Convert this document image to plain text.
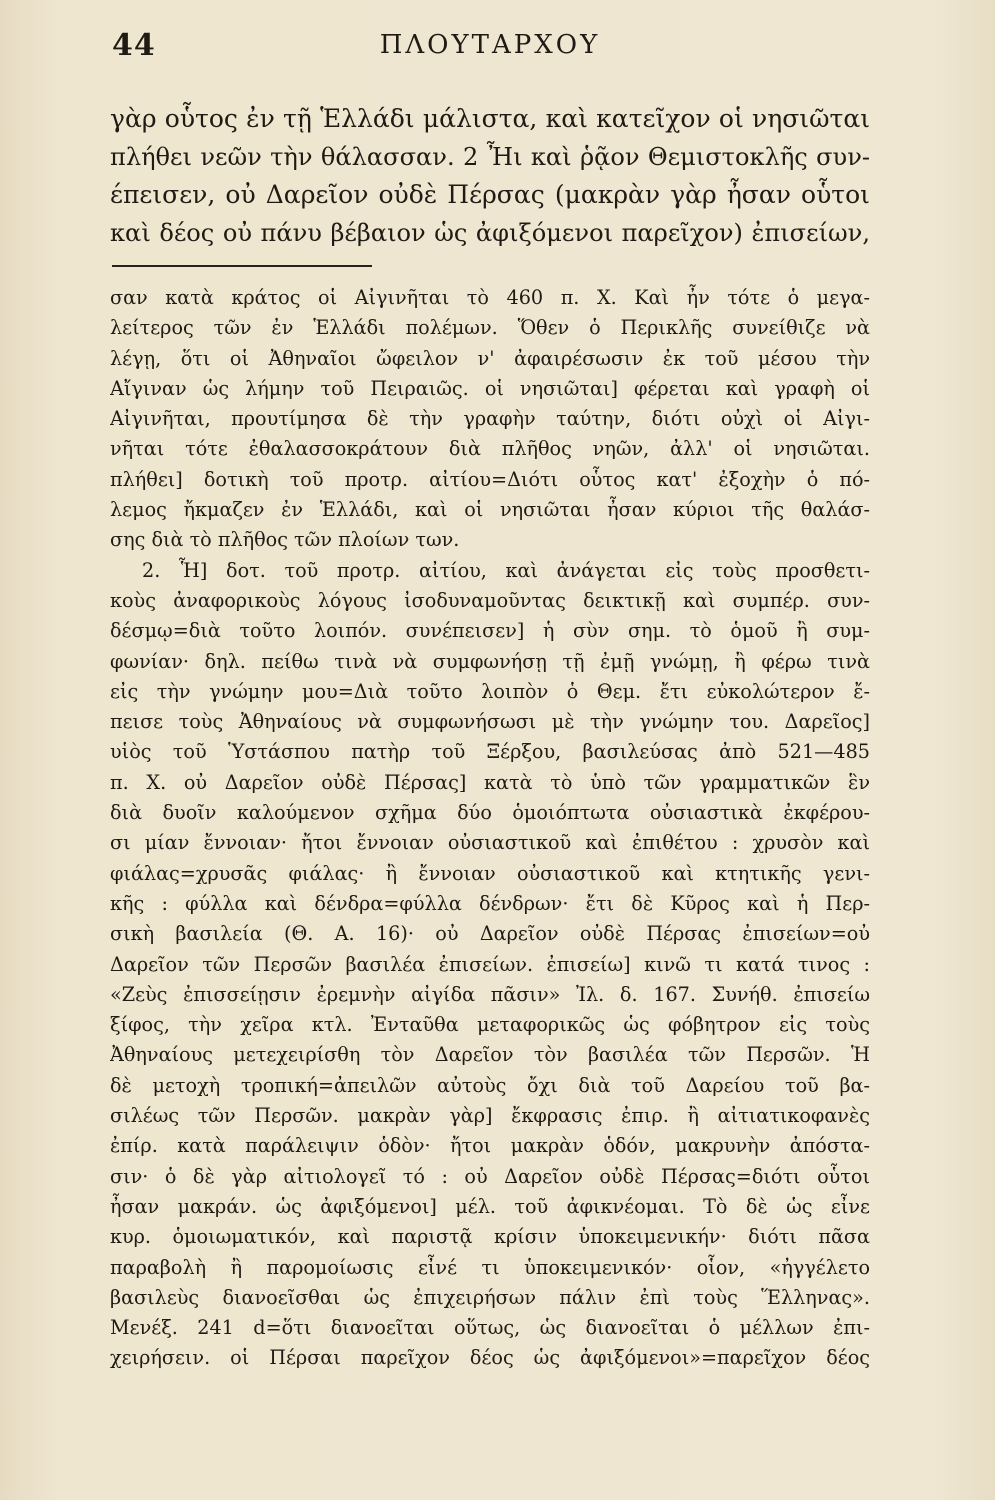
44	ΠΛΟΥΤΑΡΧΟΥ
γὰρ οὗτος ἐν τῇ Ἑλλάδι μάλιστα, καὶ κατεῖχον οἱ νησιῶται
πλήθει νεῶν τὴν θάλασσαν. 2 Ἦι καὶ ῥᾷον Θεμιστοκλῆς συν-
έπεισεν, οὐ Δαρεῖον οὐδὲ Πέρσας (μακρὰν γὰρ ἦσαν οὗτοι
καὶ δέος οὐ πάνυ βέβαιον ὡς ἀφιξόμενοι παρεῖχον) ἐπισείων,
σαν κατὰ κράτος οἱ Αἰγινῆται τὸ 460 π. Χ. Καὶ ἦν τότε ὁ μεγα-
λείτερος τῶν ἐν Ἑλλάδι πολέμων. Ὅθεν ὁ Περικλῆς συνείθιζε νὰ
λέγῃ, ὅτι οἱ Ἀθηναῖοι ὤφειλον ν' ἀφαιρέσωσιν ἐκ τοῦ μέσου τὴν
Αἴγιναν ὡς λήμην τοῦ Πειραιῶς. οἱ νησιῶται] φέρεται καὶ γραφὴ οἱ
Αἰγινῆται, προυτίμησα δὲ τὴν γραφὴν ταύτην, διότι οὐχὶ οἱ Αἰγι-
νῆται τότε ἐθαλασσοκράτουν διὰ πλῆθος νηῶν, ἀλλ' οἱ νησιῶται.
πλήθει] δοτικὴ τοῦ προτρ. αἰτίου=Διότι οὗτος κατ' ἐξοχὴν ὁ πό-
λεμος ἤκμαζεν ἐν Ἑλλάδι, καὶ οἱ νησιῶται ἦσαν κύριοι τῆς θαλάσ-
σης διὰ τὸ πλῆθος τῶν πλοίων των.
2. Ἧ] δοτ. τοῦ προτρ. αἰτίου, καὶ ἀνάγεται εἰς τοὺς προσθετι-
κοὺς ἀναφορικοὺς λόγους ἰσοδυναμοῦντας δεικτικῇ καὶ συμπέρ. συν-
δέσμῳ=διὰ τοῦτο λοιπόν. συνέπεισεν] ἡ σὺν σημ. τὸ ὁμοῦ ἢ συμ-
φωνίαν· δηλ. πείθω τινὰ νὰ συμφωνήσῃ τῇ ἐμῇ γνώμῃ, ἢ φέρω τινὰ
εἰς τὴν γνώμην μου=Διὰ τοῦτο λοιπὸν ὁ Θεμ. ἔτι εὐκολώτερον ἔ-
πεισε τοὺς Ἀθηναίους νὰ συμφωνήσωσι μὲ τὴν γνώμην του. Δαρεῖος]
υἱὸς τοῦ Ὑστάσπου πατὴρ τοῦ Ξέρξου, βασιλεύσας ἀπὸ 521—485
π. Χ. οὐ Δαρεῖον οὐδὲ Πέρσας] κατὰ τὸ ὑπὸ τῶν γραμματικῶν ἓν
διὰ δυοῖν καλούμενον σχῆμα δύο ὁμοιόπτωτα οὐσιαστικὰ ἐκφέρου-
σι μίαν ἔννοιαν· ἤτοι ἔννοιαν οὐσιαστικοῦ καὶ ἐπιθέτου : χρυσὸν καὶ
φιάλας=χρυσᾶς φιάλας· ἢ ἔννοιαν οὐσιαστικοῦ καὶ κτητικῆς γενι-
κῆς : φύλλα καὶ δένδρα=φύλλα δένδρων· ἔτι δὲ Κῦρος καὶ ἡ Περ-
σικὴ βασιλεία (Θ. Α. 16)· οὐ Δαρεῖον οὐδὲ Πέρσας ἐπισείων=οὐ
Δαρεῖον τῶν Περσῶν βασιλέα ἐπισείων. ἐπισείω] κινῶ τι κατά τινος :
«Ζεὺς ἐπισσείῃσιν ἐρεμνὴν αἰγίδα πᾶσιν» Ἰλ. δ. 167. Συνήθ. ἐπισείω
ξίφος, τὴν χεῖρα κτλ. Ἐνταῦθα μεταφορικῶς ὡς φόβητρον εἰς τοὺς
Ἀθηναίους μετεχειρίσθη τὸν Δαρεῖον τὸν βασιλέα τῶν Περσῶν. Ἡ
δὲ μετοχὴ τροπική=ἀπειλῶν αὐτοὺς ὄχι διὰ τοῦ Δαρείου τοῦ βα-
σιλέως τῶν Περσῶν. μακρὰν γὰρ] ἔκφρασις ἐπιρ. ἢ αἰτιατικοφανὲς
ἐπίρ. κατὰ παράλειψιν ὁδὸν· ἤτοι μακρὰν ὁδόν, μακρυνὴν ἀπόστα-
σιν· ὁ δὲ γὰρ αἰτιολογεῖ τό : οὐ Δαρεῖον οὐδὲ Πέρσας=διότι οὗτοι
ἦσαν μακράν. ὡς ἀφιξόμενοι] μέλ. τοῦ ἀφικνέομαι. Τὸ δὲ ὡς εἶνε
κυρ. ὁμοιωματικόν, καὶ παριστᾷ κρίσιν ὑποκειμενικήν· διότι πᾶσα
παραβολὴ ἢ παρομοίωσις εἶνέ τι ὑποκειμενικόν· οἷον, «ἠγγέλετο
βασιλεὺς διανοεῖσθαι ὡς ἐπιχειρήσων πάλιν ἐπὶ τοὺς Ἕλληνας».
Μενέξ. 241 d=ὅτι διανοεῖται οὕτως, ὡς διανοεῖται ὁ μέλλων ἐπι-
χειρήσειν. οἱ Πέρσαι παρεῖχον δέος ὡς ἀφιξόμενοι»=παρεῖχον δέος
